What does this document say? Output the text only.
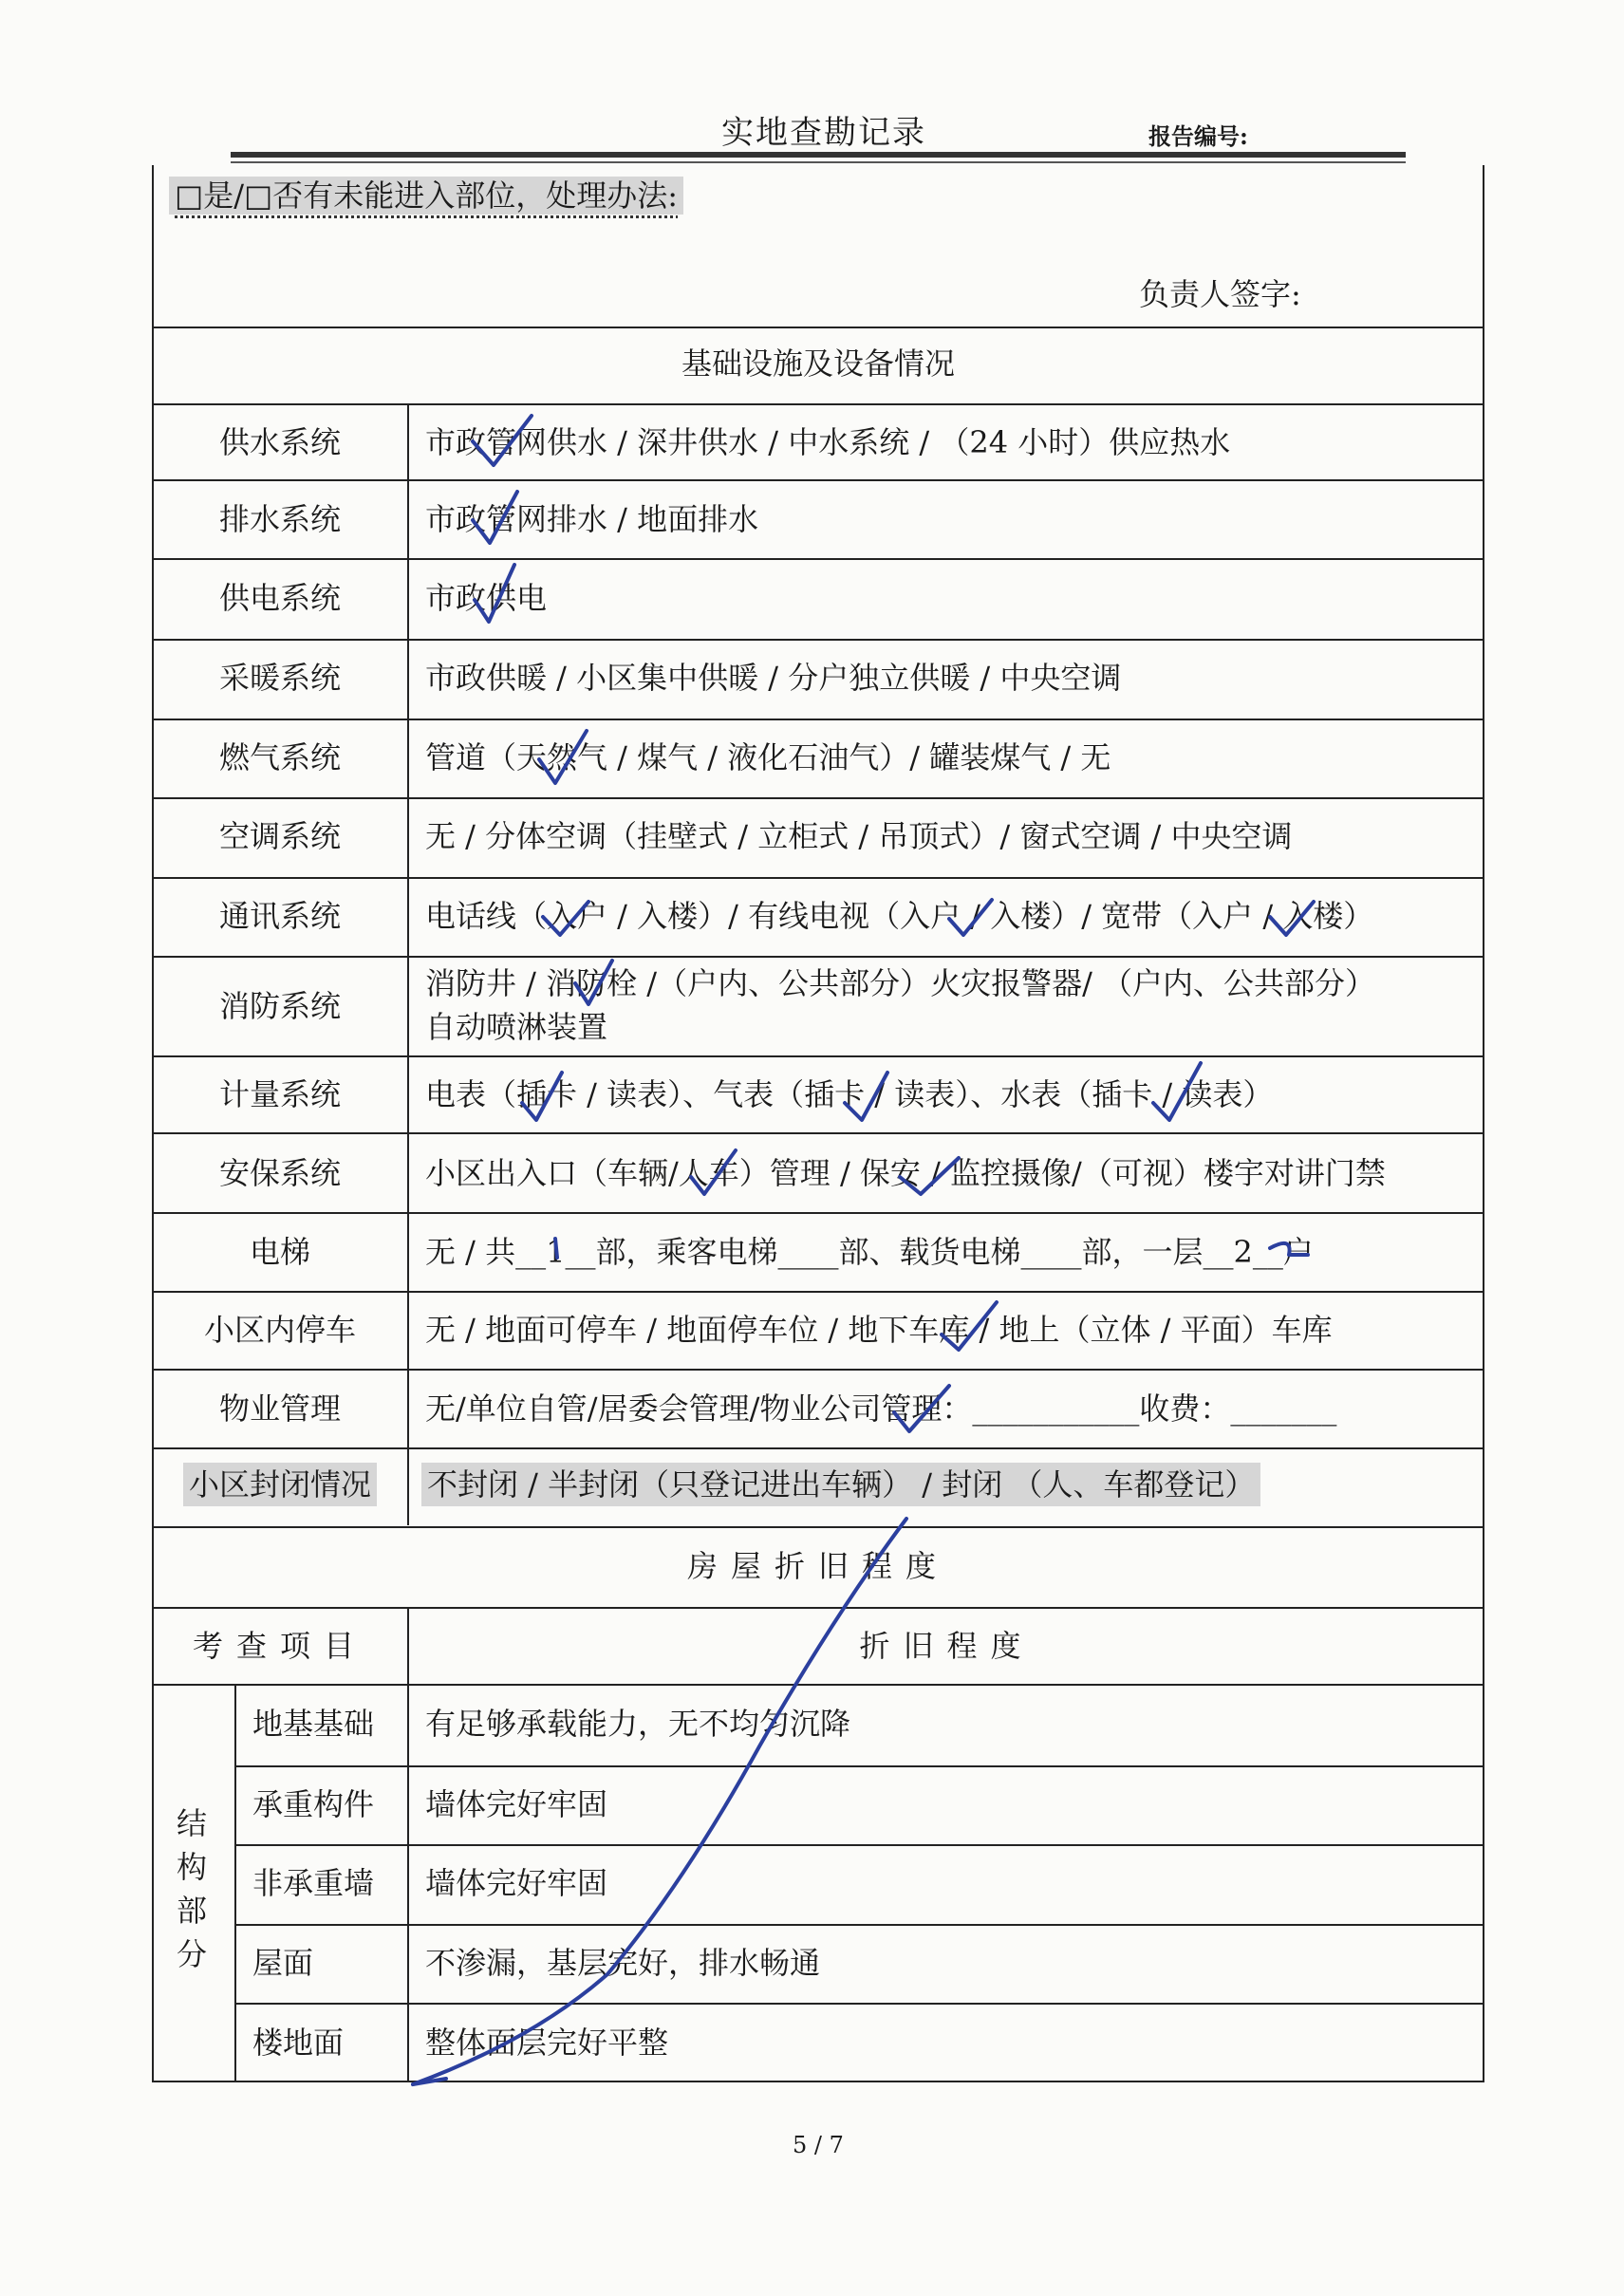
实地查勘记录	报告编号:
□是/□否有未能进入部位，处理办法:
负责人签字:
基础设施及设备情况
供水系统	市政管网供水 / 深井供水 / 中水系统 / （24 小时）供应热水
排水系统	市政管网排水 / 地面排水
供电系统	市政供电
采暖系统	市政供暖 / 小区集中供暖 / 分户独立供暖 / 中央空调
燃气系统	管道（天然气 / 煤气 / 液化石油气）/ 罐装煤气 / 无
空调系统	无 / 分体空调（挂壁式 / 立柜式 / 吊顶式）/ 窗式空调 / 中央空调
通讯系统	电话线（入户 / 入楼）/ 有线电视（入户 / 入楼）/ 宽带（入户 / 入楼）
消防系统
消防井 / 消防栓 /（户内、公共部分）火灾报警器/ （户内、公共部分）
自动喷淋装置
计量系统	电表（插卡 / 读表）、气表（插卡 / 读表）、水表（插卡 / 读表）
安保系统	小区出入口（车辆/人车）管理 / 保安 / 监控摄像/（可视）楼宇对讲门禁
电梯	无 / 共__1__部，乘客电梯____部、载货电梯____部，一层__2__户
小区内停车	无 / 地面可停车 / 地面停车位 / 地下车库 / 地上（立体 / 平面）车库
物业管理	无/单位自管/居委会管理/物业公司管理：___________收费：_______
小区封闭情况	不封闭 / 半封闭（只登记进出车辆） / 封闭 （人、车都登记）
房屋折旧程度
考查项目	折旧程度
结构部分
地基基础 有足够承载能力，无不均匀沉降
承重构件 墙体完好牢固
非承重墙 墙体完好牢固
屋面	不渗漏，基层完好，排水畅通
楼地面	整体面层完好平整
5 / 7
